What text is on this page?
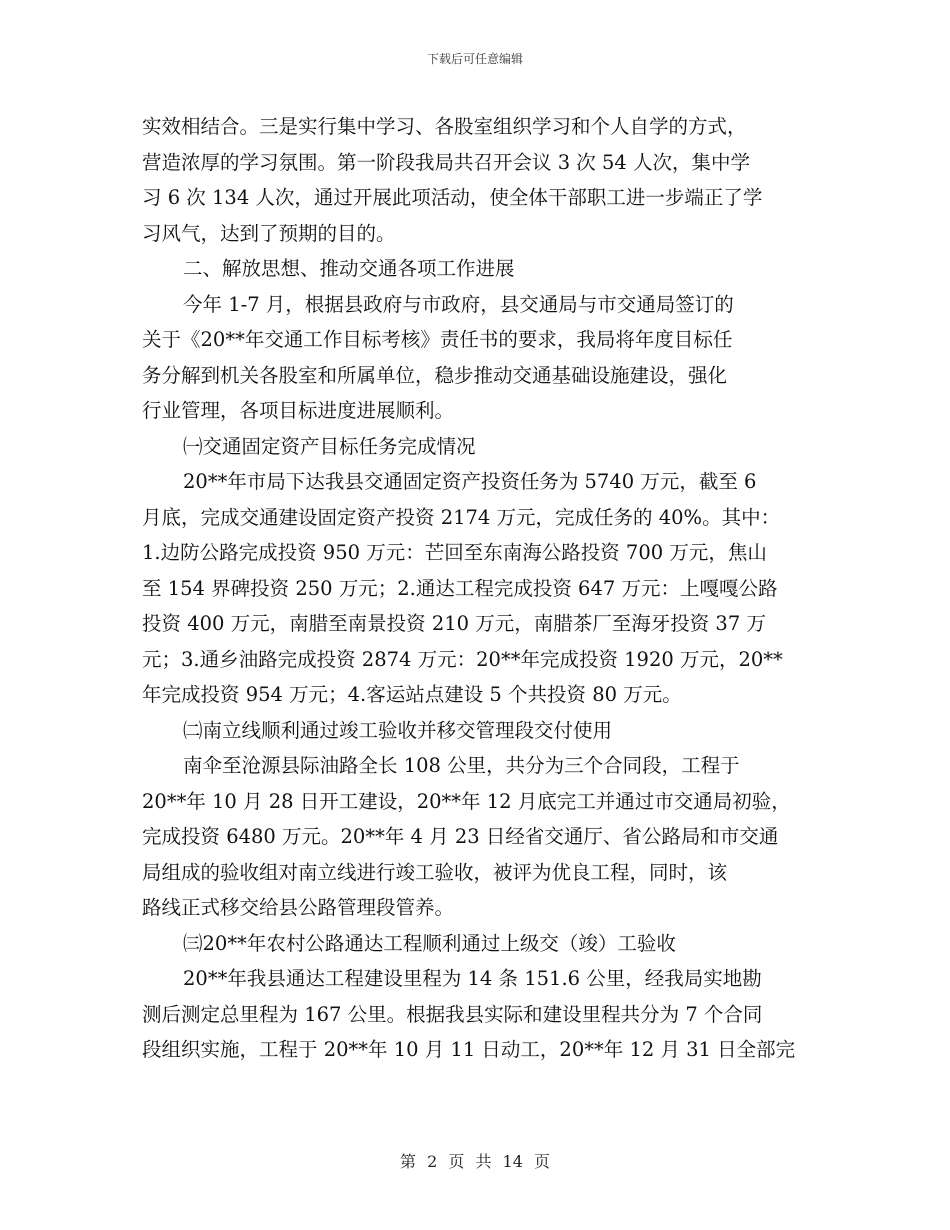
下载后可任意编辑
实效相结合。三是实行集中学习、各股室组织学习和个人自学的方式，
营造浓厚的学习氛围。第一阶段我局共召开会议 3 次 54 人次，集中学
习 6 次 134 人次，通过开展此项活动，使全体干部职工进一步端正了学
习风气，达到了预期的目的。
二、解放思想、推动交通各项工作进展
今年 1-7 月，根据县政府与市政府，县交通局与市交通局签订的
关于《20**年交通工作目标考核》责任书的要求，我局将年度目标任
务分解到机关各股室和所属单位，稳步推动交通基础设施建设，强化
行业管理，各项目标进度进展顺利。
㈠交通固定资产目标任务完成情况
20**年市局下达我县交通固定资产投资任务为 5740 万元，截至 6
月底，完成交通建设固定资产投资 2174 万元，完成任务的 40%。其中：
1.边防公路完成投资 950 万元：芒回至东南海公路投资 700 万元，焦山
至 154 界碑投资 250 万元；2.通达工程完成投资 647 万元：上嘎嘎公路
投资 400 万元，南腊至南景投资 210 万元，南腊茶厂至海牙投资 37 万
元；3.通乡油路完成投资 2874 万元：20**年完成投资 1920 万元，20**
年完成投资 954 万元；4.客运站点建设 5 个共投资 80 万元。
㈡南立线顺利通过竣工验收并移交管理段交付使用
南伞至沧源县际油路全长 108 公里，共分为三个合同段，工程于
20**年 10 月 28 日开工建设，20**年 12 月底完工并通过市交通局初验，
完成投资 6480 万元。20**年 4 月 23 日经省交通厅、省公路局和市交通
局组成的验收组对南立线进行竣工验收，被评为优良工程，同时，该
路线正式移交给县公路管理段管养。
㈢20**年农村公路通达工程顺利通过上级交（竣）工验收
20**年我县通达工程建设里程为 14 条 151.6 公里，经我局实地勘
测后测定总里程为 167 公里。根据我县实际和建设里程共分为 7 个合同
段组织实施，工程于 20**年 10 月 11 日动工，20**年 12 月 31 日全部完
第 2 页 共 14 页
